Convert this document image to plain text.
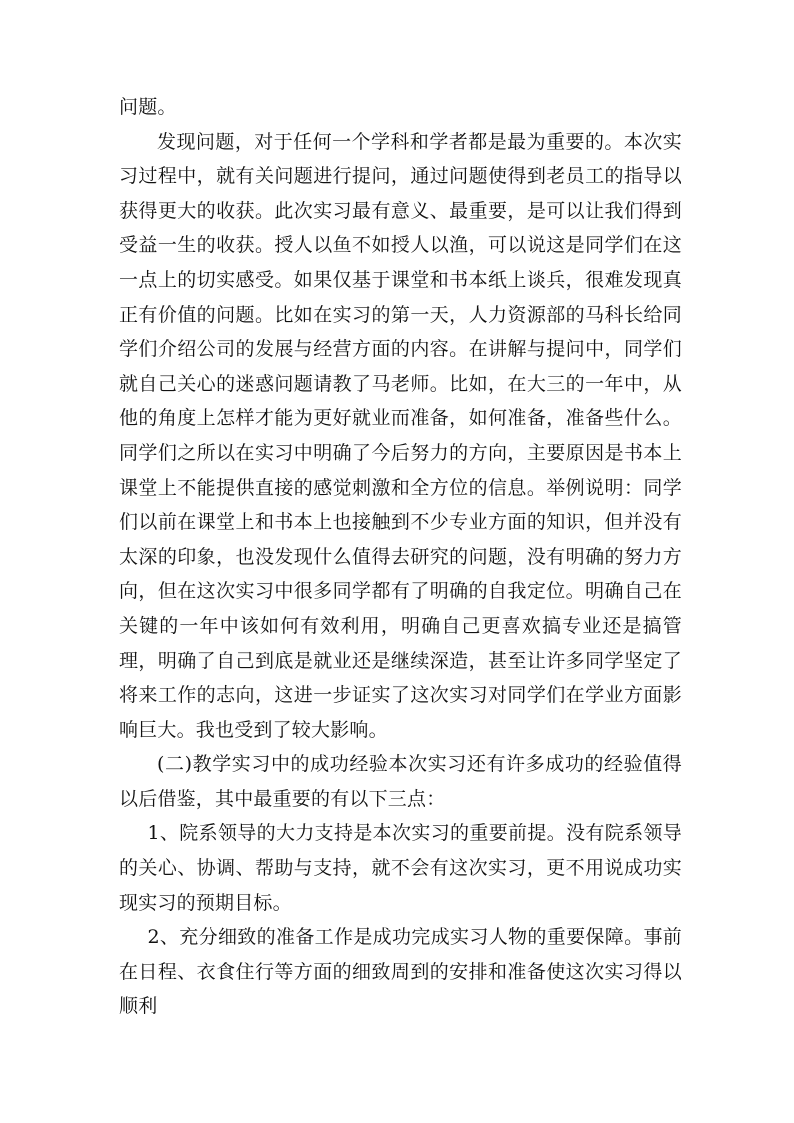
问题。

发现问题，对于任何一个学科和学者都是最为重要的。本次实习过程中，就有关问题进行提问，通过问题使得到老员工的指导以获得更大的收获。此次实习最有意义、最重要，是可以让我们得到受益一生的收获。授人以鱼不如授人以渔，可以说这是同学们在这一点上的切实感受。如果仅基于课堂和书本纸上谈兵，很难发现真正有价值的问题。比如在实习的第一天，人力资源部的马科长给同学们介绍公司的发展与经营方面的内容。在讲解与提问中，同学们就自己关心的迷惑问题请教了马老师。比如，在大三的一年中，从他的角度上怎样才能为更好就业而准备，如何准备，准备些什么。同学们之所以在实习中明确了今后努力的方向，主要原因是书本上课堂上不能提供直接的感觉刺激和全方位的信息。举例说明：同学们以前在课堂上和书本上也接触到不少专业方面的知识，但并没有太深的印象，也没发现什么值得去研究的问题，没有明确的努力方向，但在这次实习中很多同学都有了明确的自我定位。明确自己在关键的一年中该如何有效利用，明确自己更喜欢搞专业还是搞管理，明确了自己到底是就业还是继续深造，甚至让许多同学坚定了将来工作的志向，这进一步证实了这次实习对同学们在学业方面影响巨大。我也受到了较大影响。

(二)教学实习中的成功经验本次实习还有许多成功的经验值得以后借鉴，其中最重要的有以下三点：

1、院系领导的大力支持是本次实习的重要前提。没有院系领导的关心、协调、帮助与支持，就不会有这次实习，更不用说成功实现实习的预期目标。

2、充分细致的准备工作是成功完成实习人物的重要保障。事前在日程、衣食住行等方面的细致周到的安排和准备使这次实习得以顺利
